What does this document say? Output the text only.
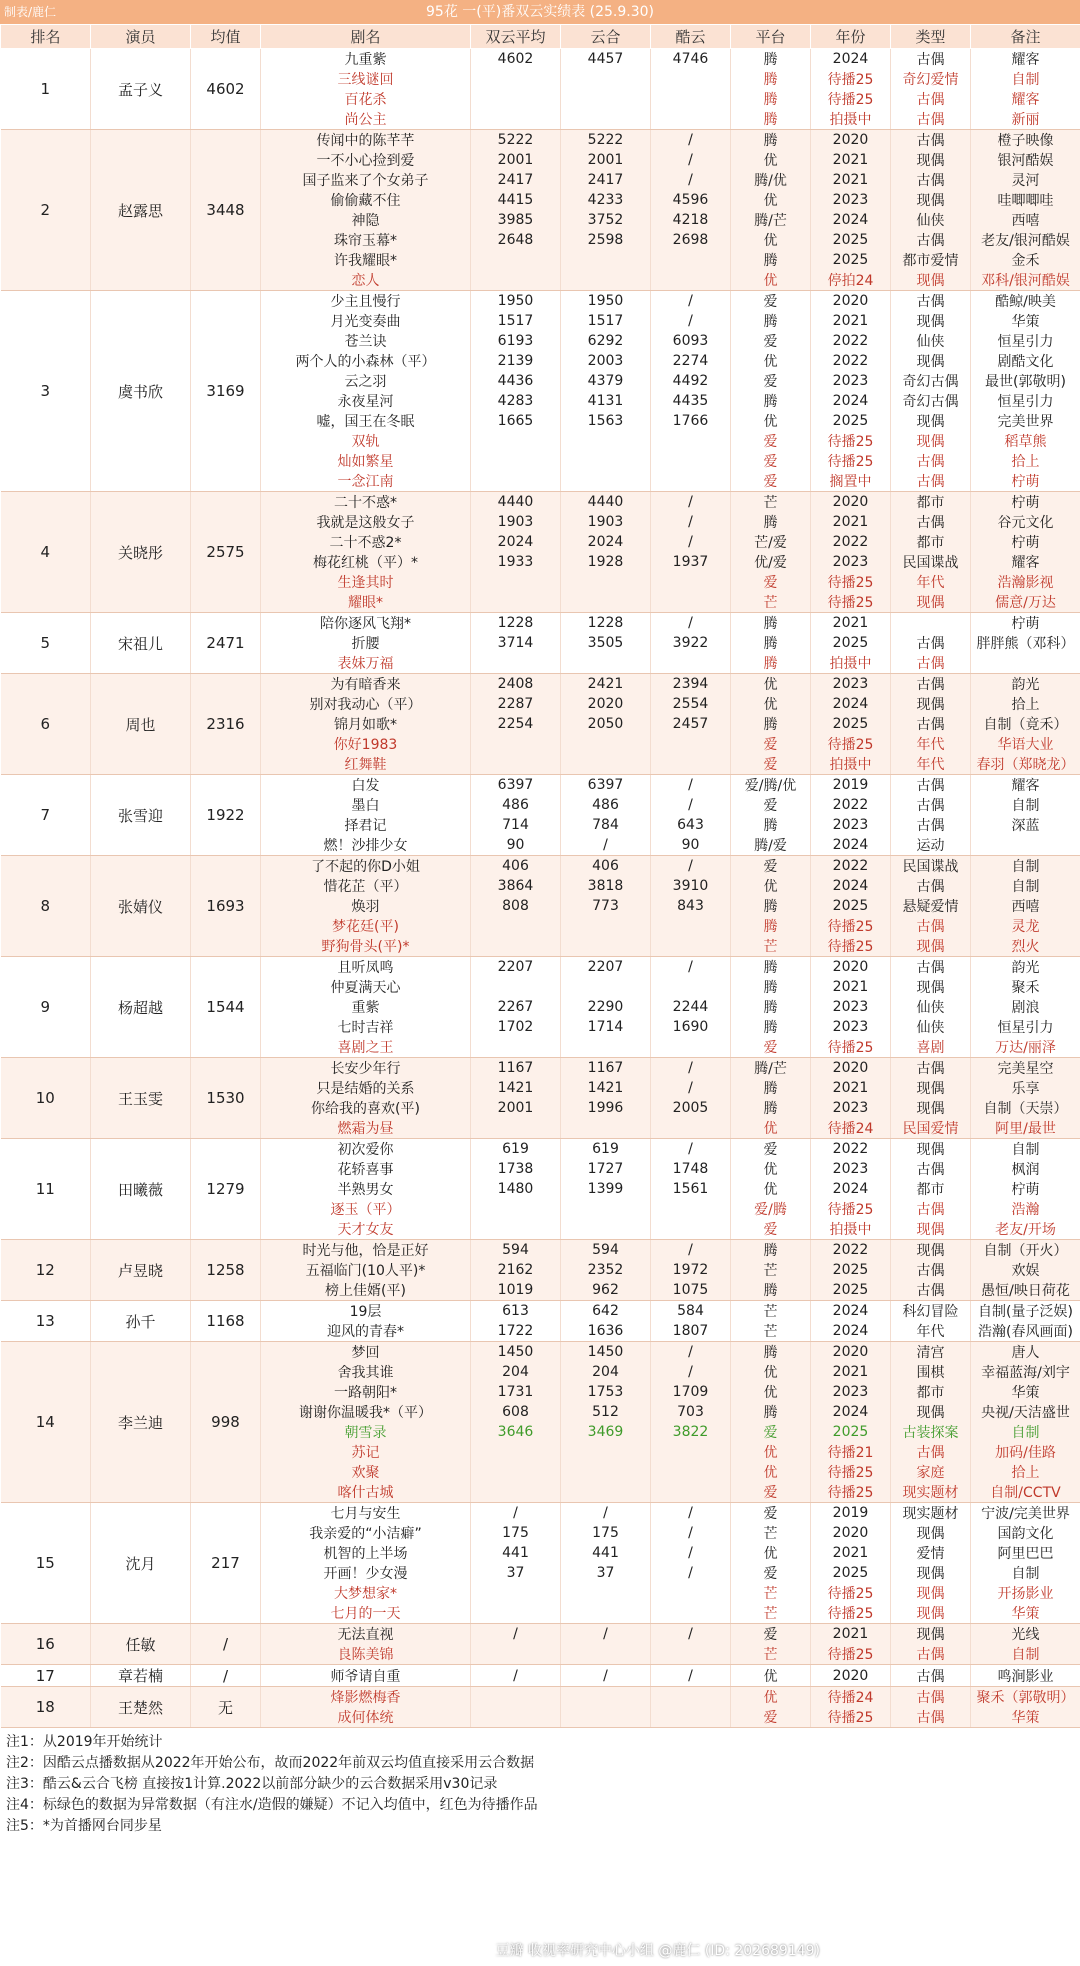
制表/鹿仁	95花 一(平)番双云实绩表 (25.9.30)
排名	演员	均值	剧名	双云平均	云合	酷云	平台	年份	类型	备注
1	孟子义	4602	九重紫	4602	4457	4746	腾	2024	古偶	耀客
			三线谜回				腾	待播25	奇幻爱情	自制
			百花杀				腾	待播25	古偶	耀客
			尚公主				腾	拍摄中	古偶	新丽
2	赵露思	3448	传闻中的陈芊芊	5222	5222	/	腾	2020	古偶	橙子映像
			一不小心捡到爱	2001	2001	/	优	2021	现偶	银河酷娱
			国子监来了个女弟子	2417	2417	/	腾/优	2021	古偶	灵河
			偷偷藏不住	4415	4233	4596	优	2023	现偶	哇唧唧哇
			神隐	3985	3752	4218	腾/芒	2024	仙侠	西嘻
			珠帘玉幕*	2648	2598	2698	优	2025	古偶	老友/银河酷娱
			许我耀眼*				腾	2025	都市爱情	金禾
			恋人				优	停拍24	现偶	邓科/银河酷娱
3	虞书欣	3169	少主且慢行	1950	1950	/	爱	2020	古偶	酷鲸/映美
			月光变奏曲	1517	1517	/	腾	2021	现偶	华策
			苍兰诀	6193	6292	6093	爱	2022	仙侠	恒星引力
			两个人的小森林（平）	2139	2003	2274	优	2022	现偶	剧酷文化
			云之羽	4436	4379	4492	爱	2023	奇幻古偶	最世(郭敬明)
			永夜星河	4283	4131	4435	腾	2024	奇幻古偶	恒星引力
			嘘，国王在冬眠	1665	1563	1766	优	2025	现偶	完美世界
			双轨				爱	待播25	现偶	稻草熊
			灿如繁星				爱	待播25	古偶	拾上
			一念江南				爱	搁置中	古偶	柠萌
4	关晓彤	2575	二十不惑*	4440	4440	/	芒	2020	都市	柠萌
			我就是这般女子	1903	1903	/	腾	2021	古偶	谷元文化
			二十不惑2*	2024	2024	/	芒/爱	2022	都市	柠萌
			梅花红桃（平）*	1933	1928	1937	优/爱	2023	民国谍战	耀客
			生逢其时				爱	待播25	年代	浩瀚影视
			耀眼*				芒	待播25	现偶	儒意/万达
5	宋祖儿	2471	陪你逐风飞翔*	1228	1228	/	腾	2021		柠萌
			折腰	3714	3505	3922	腾	2025	古偶	胖胖熊（邓科）
			表妹万福				腾	拍摄中	古偶	
6	周也	2316	为有暗香来	2408	2421	2394	优	2023	古偶	韵光
			别对我动心（平）	2287	2020	2554	优	2024	现偶	拾上
			锦月如歌*	2254	2050	2457	腾	2025	古偶	自制（竟禾）
			你好1983				爱	待播25	年代	华语大业
			红舞鞋				爱	拍摄中	年代	春羽（郑晓龙）
7	张雪迎	1922	白发	6397	6397	/	爱/腾/优	2019	古偶	耀客
			墨白	486	486	/	爱	2022	古偶	自制
			择君记	714	784	643	腾	2023	古偶	深蓝
			燃！沙排少女	90	/	90	腾/爱	2024	运动	
8	张婧仪	1693	了不起的你D小姐	406	406	/	爱	2022	民国谍战	自制
			惜花芷（平）	3864	3818	3910	优	2024	古偶	自制
			焕羽	808	773	843	腾	2025	悬疑爱情	西嘻
			梦花廷(平)				腾	待播25	古偶	灵龙
			野狗骨头(平)*				芒	待播25	现偶	烈火
9	杨超越	1544	且听凤鸣	2207	2207	/	腾	2020	古偶	韵光
			仲夏满天心				腾	2021	现偶	聚禾
			重紫	2267	2290	2244	腾	2023	仙侠	剧浪
			七时吉祥	1702	1714	1690	腾	2023	仙侠	恒星引力
			喜剧之王				爱	待播25	喜剧	万达/丽泽
10	王玉雯	1530	长安少年行	1167	1167	/	腾/芒	2020	古偶	完美星空
			只是结婚的关系	1421	1421	/	腾	2021	现偶	乐享
			你给我的喜欢(平)	2001	1996	2005	腾	2023	现偶	自制（天崇）
			燃霜为昼				优	待播24	民国爱情	阿里/最世
11	田曦薇	1279	初次爱你	619	619	/	爱	2022	现偶	自制
			花轿喜事	1738	1727	1748	优	2023	古偶	枫润
			半熟男女	1480	1399	1561	优	2024	都市	柠萌
			逐玉（平）				爱/腾	待播25	古偶	浩瀚
			天才女友				爱	拍摄中	现偶	老友/开场
12	卢昱晓	1258	时光与他，恰是正好	594	594	/	腾	2022	现偶	自制（开火）
			五福临门(10人平)*	2162	2352	1972	芒	2025	古偶	欢娱
			榜上佳婿(平)	1019	962	1075	腾	2025	古偶	愚恒/映日荷花
13	孙千	1168	19层	613	642	584	芒	2024	科幻冒险	自制(量子泛娱)
			迎风的青春*	1722	1636	1807	芒	2024	年代	浩瀚(春风画面)
14	李兰迪	998	梦回	1450	1450	/	腾	2020	清宫	唐人
			舍我其谁	204	204	/	优	2021	围棋	幸福蓝海/刘宇
			一路朝阳*	1731	1753	1709	优	2023	都市	华策
			谢谢你温暖我*（平）	608	512	703	腾	2024	现偶	央视/天洁盛世
			朝雪录	3646	3469	3822	爱	2025	古装探案	自制
			苏记				优	待播21	古偶	加码/佳路
			欢聚				优	待播25	家庭	拾上
			喀什古城				爱	待播25	现实题材	自制/CCTV
15	沈月	217	七月与安生	/	/	/	爱	2019	现实题材	宁波/完美世界
			我亲爱的“小洁癖”	175	175	/	芒	2020	现偶	国韵文化
			机智的上半场	441	441	/	优	2021	爱情	阿里巴巴
			开画！少女漫	37	37	/	爱	2025	现偶	自制
			大梦想家*				芒	待播25	现偶	开扬影业
			七月的一天				芒	待播25	现偶	华策
16	任敏	/	无法直视	/	/	/	爱	2021	现偶	光线
			良陈美锦				芒	待播25	古偶	自制
17	章若楠	/	师爷请自重	/	/	/	优	2020	古偶	鸣涧影业
18	王楚然	无	烽影燃梅香				优	待播24	古偶	聚禾（郭敬明）
			成何体统				爱	待播25	古偶	华策
注1：从2019年开始统计
注2：因酷云点播数据从2022年开始公布，故而2022年前双云均值直接采用云合数据
注3：酷云&云合飞榜 直接按1计算.2022以前部分缺少的云合数据采用v30记录
注4：标绿色的数据为异常数据（有注水/造假的嫌疑）不记入均值中，红色为待播作品
注5：*为首播网台同步星
豆瓣 收视率研究中心小组 @鹿仁 (ID: 202689149)
